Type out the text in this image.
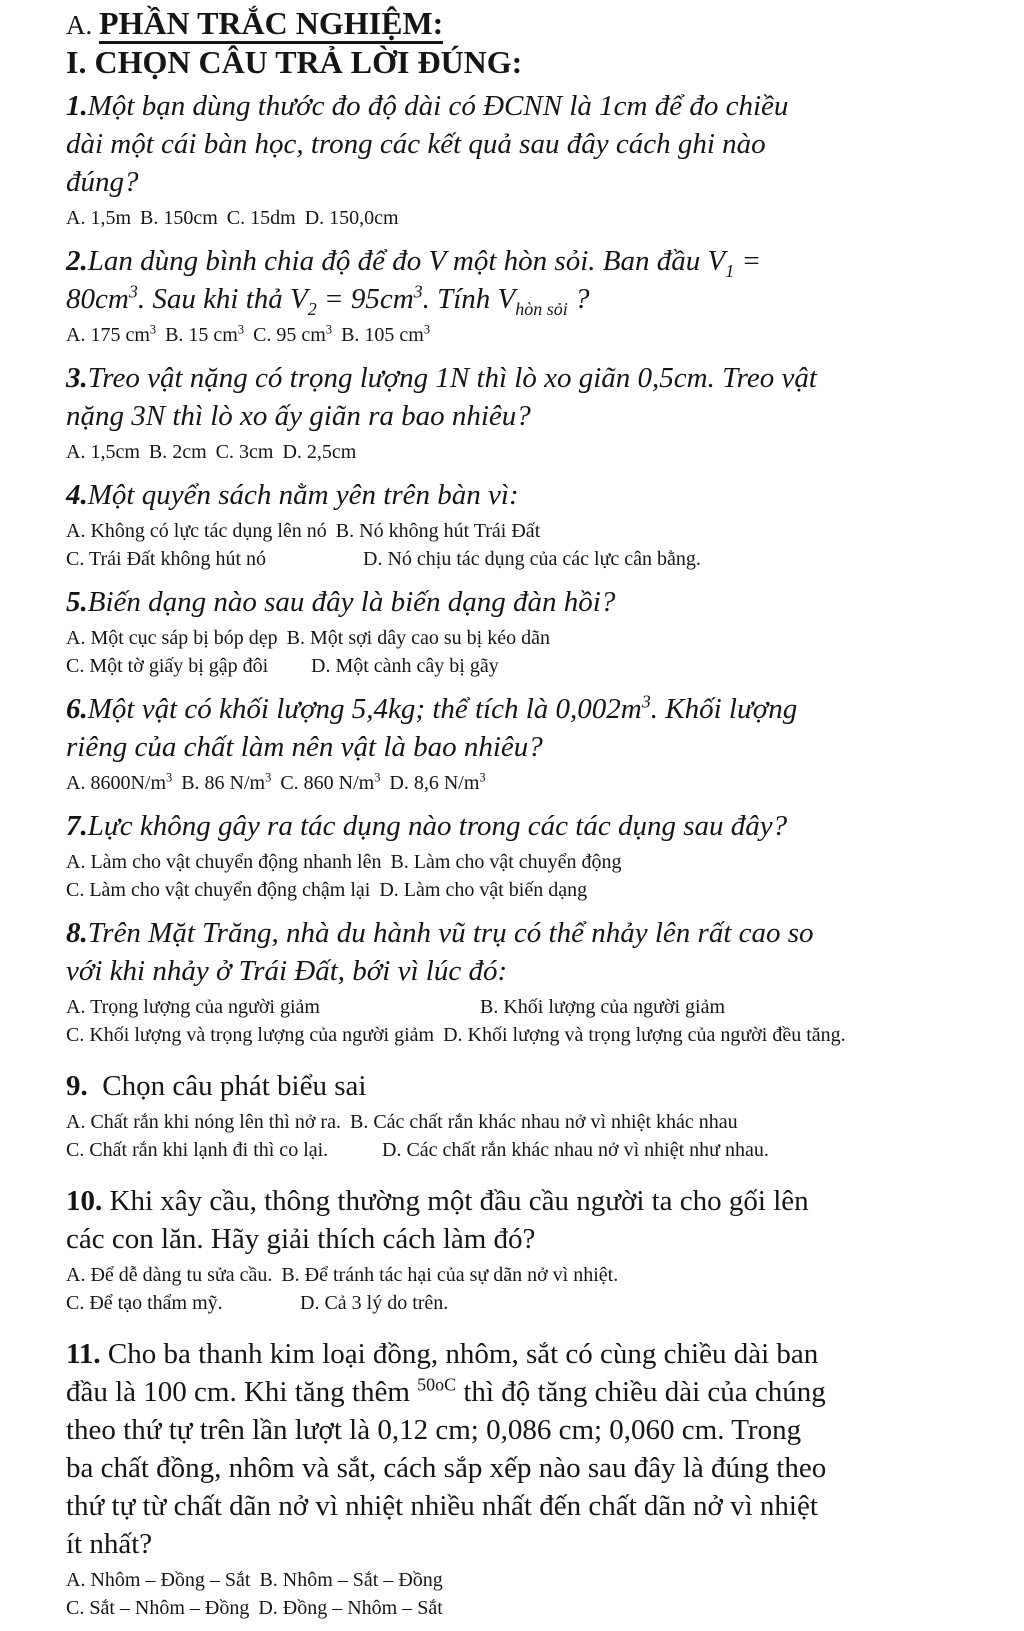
A. PHẦN TRẮC NGHIỆM:
I. CHỌN CÂU TRẢ LỜI ĐÚNG:

1.Một bạn dùng thước đo độ dài có ĐCNN là 1cm để đo chiều
dài một cái bàn học, trong các kết quả sau đây cách ghi nào
đúng?

A. 1,5m B. 150cm C. 15dm D. 150,0cm

2.Lan dùng bình chia độ để đo V một hòn sỏi. Ban đầu $V_1$ =
$80cm^3$. Sau khi thả $V_2 = 95cm^3$. Tính $V_{hòn sỏi}$ ?

A. 175 $cm^3$ B. 15 $cm^3$ C. 95 $cm^3$ B. 105 $cm^3$

3.Treo vật nặng có trọng lượng 1N thì lò xo giãn 0,5cm. Treo vật
nặng 3N thì lò xo ấy giãn ra bao nhiêu?

A. 1,5cm B. 2cm C. 3cm D. 2,5cm

4.Một quyển sách nằm yên trên bàn vì:

A. Không có lực tác dụng lên nó B. Nó không hút Trái Đất
C. Trái Đất không hút nó	D. Nó chịu tác dụng của các lực cân bằng.

5.Biến dạng nào sau đây là biến dạng đàn hồi?

A. Một cục sáp bị bóp dẹp B. Một sợi dây cao su bị kéo dãn
C. Một tờ giấy bị gập đôi D. Một cành cây bị gãy

6.Một vật có khối lượng 5,4kg; thể tích là $0,002m^3$. Khối lượng
riêng của chất làm nên vật là bao nhiêu?

A. $8600N/m^3$ B. 86 $N/m^3$ C. 860 $N/m^3$ D. 8,6 $N/m^3$

7.Lực không gây ra tác dụng nào trong các tác dụng sau đây?

A. Làm cho vật chuyển động nhanh lên B. Làm cho vật chuyển động
C. Làm cho vật chuyển động chậm lại D. Làm cho vật biến dạng

8.Trên Mặt Trăng, nhà du hành vũ trụ có thể nhảy lên rất cao so
với khi nhảy ở Trái Đất, bới vì lúc đó:

A. Trọng lượng của người giảm	B. Khối lượng của người giảm
C. Khối lượng và trọng lượng của người giảm D. Khối lượng và trọng lượng của người đều tăng.

9.  Chọn câu phát biểu sai

A. Chất rắn khi nóng lên thì nở ra. B. Các chất rắn khác nhau nở vì nhiệt khác nhau
C. Chất rắn khi lạnh đi thì co lại.	D. Các chất rắn khác nhau nở vì nhiệt như nhau.

10. Khi xây cầu, thông thường một đầu cầu người ta cho gối lên
các con lăn. Hãy giải thích cách làm đó?

A. Để dễ dàng tu sửa cầu. B. Để tránh tác hại của sự dãn nở vì nhiệt.
C. Để tạo thẩm mỹ.	D. Cả 3 lý do trên.

11. Cho ba thanh kim loại đồng, nhôm, sắt có cùng chiều dài ban
đầu là 100 cm. Khi tăng thêm $^{50oC}$ thì độ tăng chiều dài của chúng
theo thứ tự trên lần lượt là 0,12 cm; 0,086 cm; 0,060 cm. Trong
ba chất đồng, nhôm và sắt, cách sắp xếp nào sau đây là đúng theo
thứ tự từ chất dãn nở vì nhiệt nhiều nhất đến chất dãn nở vì nhiệt
ít nhất?

A. Nhôm – Đồng – Sắt B. Nhôm – Sắt – Đồng
C. Sắt – Nhôm – Đồng D. Đồng – Nhôm – Sắt
